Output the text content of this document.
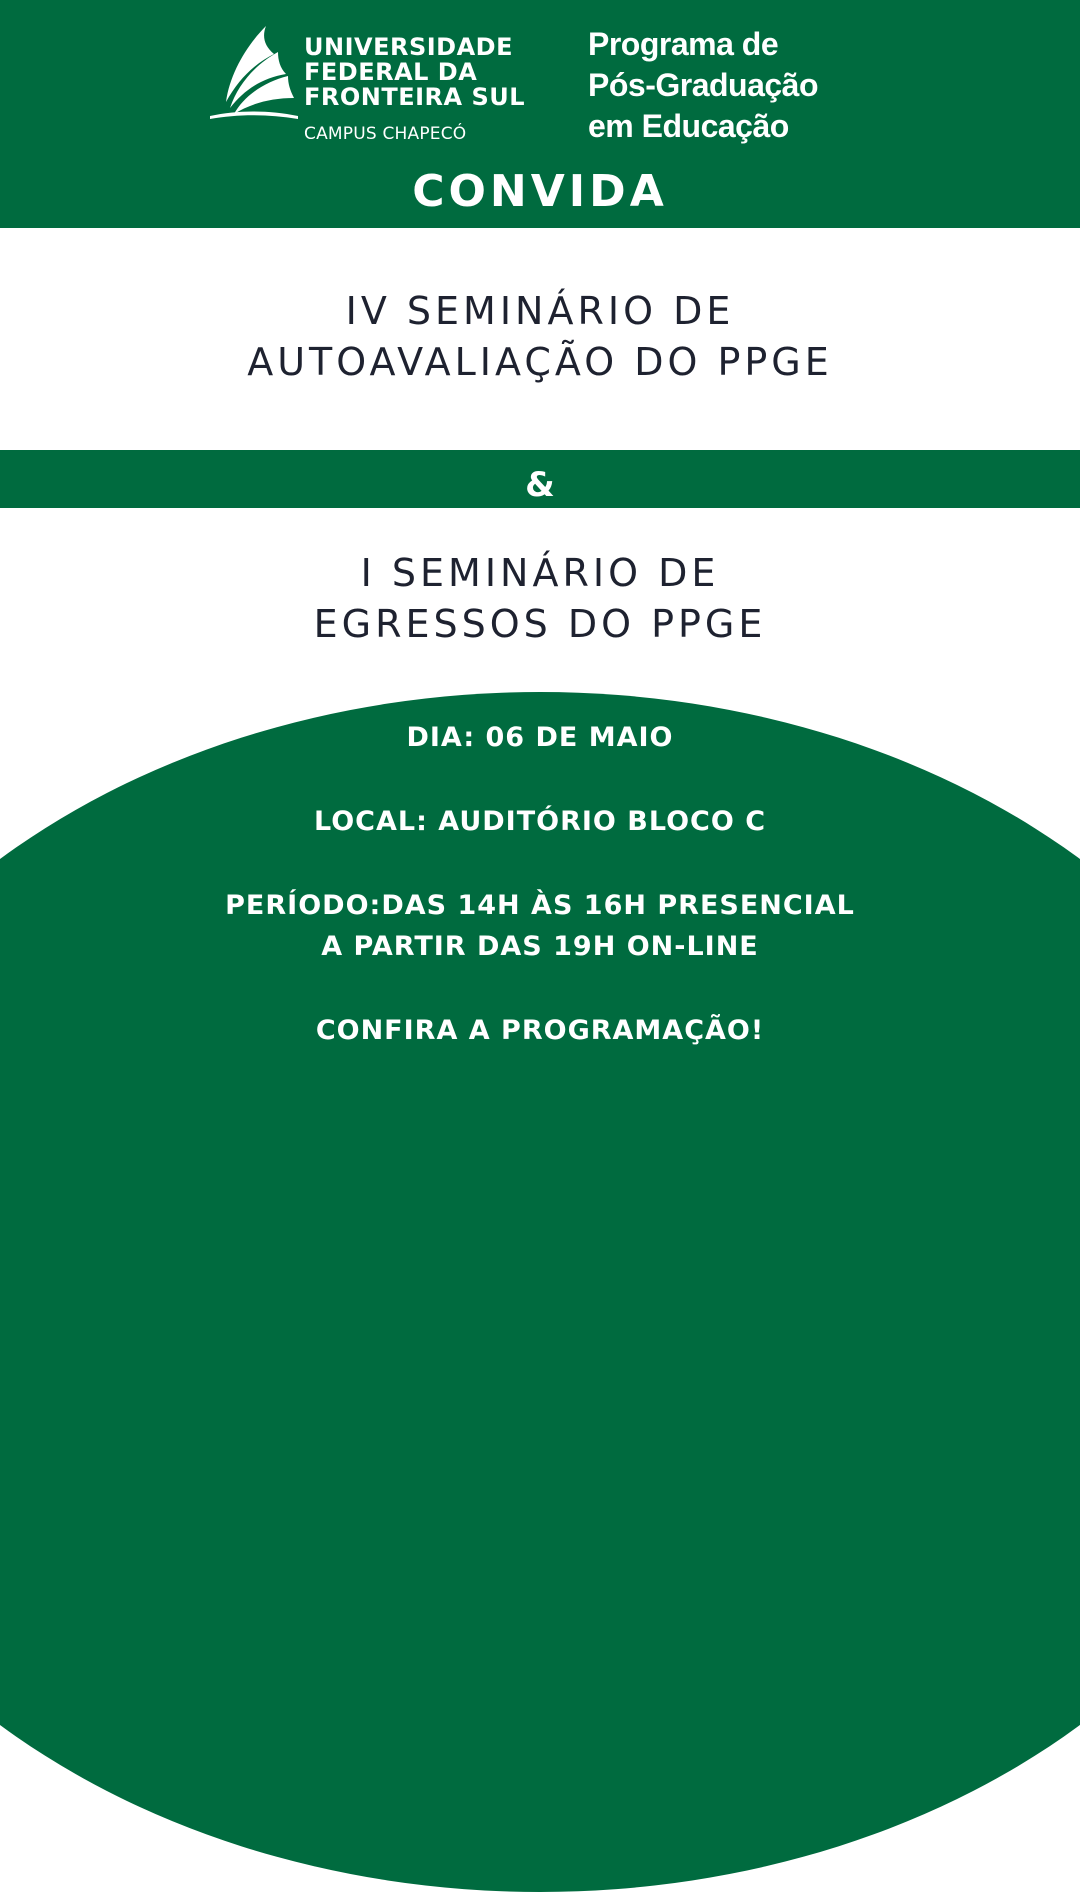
UNIVERSIDADE
FEDERAL DA
FRONTEIRA SUL
CAMPUS CHAPECÓ
Programa de
Pós-Graduação
em Educação
CONVIDA
IV SEMINÁRIO DE
AUTOAVALIAÇÃO DO PPGE
&
I SEMINÁRIO DE
EGRESSOS DO PPGE
DIA: 06 DE MAIO
LOCAL: AUDITÓRIO BLOCO C
PERÍODO:DAS 14H ÀS 16H PRESENCIAL
A PARTIR DAS 19H ON-LINE
CONFIRA A PROGRAMAÇÃO!
